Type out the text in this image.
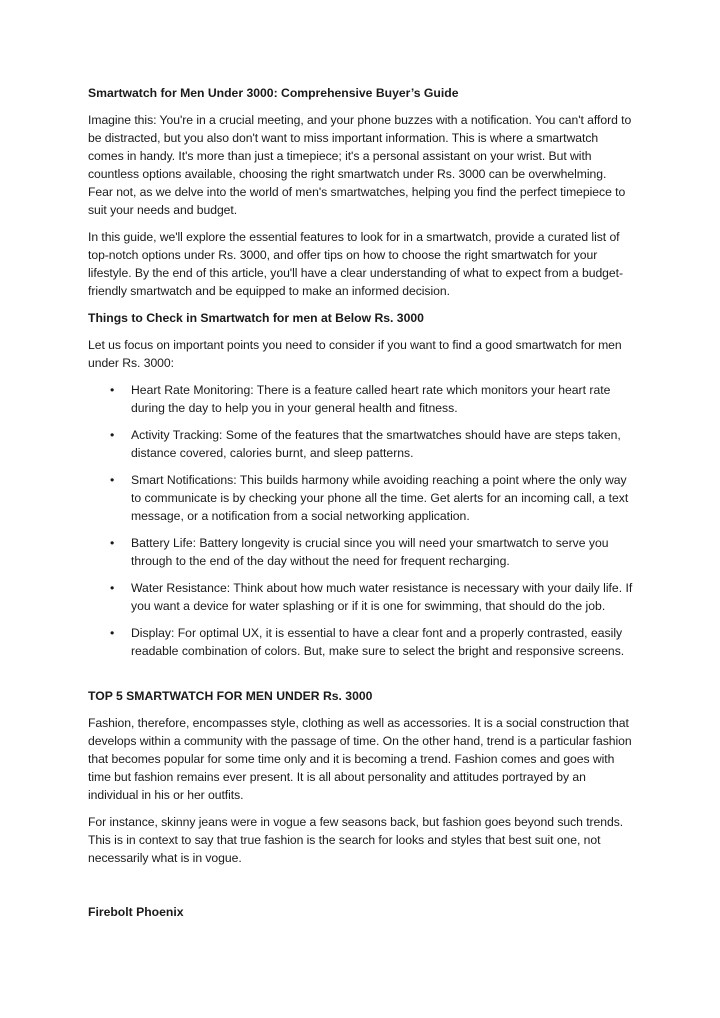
Smartwatch for Men Under 3000: Comprehensive Buyer’s Guide

Imagine this: You're in a crucial meeting, and your phone buzzes with a notification. You can't afford to be distracted, but you also don't want to miss important information. This is where a smartwatch comes in handy. It's more than just a timepiece; it's a personal assistant on your wrist. But with countless options available, choosing the right smartwatch under Rs. 3000 can be overwhelming. Fear not, as we delve into the world of men's smartwatches, helping you find the perfect timepiece to suit your needs and budget.

In this guide, we'll explore the essential features to look for in a smartwatch, provide a curated list of top-notch options under Rs. 3000, and offer tips on how to choose the right smartwatch for your lifestyle. By the end of this article, you'll have a clear understanding of what to expect from a budget-friendly smartwatch and be equipped to make an informed decision.

Things to Check in Smartwatch for men at Below Rs. 3000

Let us focus on important points you need to consider if you want to find a good smartwatch for men under Rs. 3000:

• Heart Rate Monitoring: There is a feature called heart rate which monitors your heart rate during the day to help you in your general health and fitness.
• Activity Tracking: Some of the features that the smartwatches should have are steps taken, distance covered, calories burnt, and sleep patterns.
• Smart Notifications: This builds harmony while avoiding reaching a point where the only way to communicate is by checking your phone all the time. Get alerts for an incoming call, a text message, or a notification from a social networking application.
• Battery Life: Battery longevity is crucial since you will need your smartwatch to serve you through to the end of the day without the need for frequent recharging.
• Water Resistance: Think about how much water resistance is necessary with your daily life. If you want a device for water splashing or if it is one for swimming, that should do the job.
• Display: For optimal UX, it is essential to have a clear font and a properly contrasted, easily readable combination of colors. But, make sure to select the bright and responsive screens.

TOP 5 SMARTWATCH FOR MEN UNDER Rs. 3000

Fashion, therefore, encompasses style, clothing as well as accessories. It is a social construction that develops within a community with the passage of time. On the other hand, trend is a particular fashion that becomes popular for some time only and it is becoming a trend. Fashion comes and goes with time but fashion remains ever present. It is all about personality and attitudes portrayed by an individual in his or her outfits.

For instance, skinny jeans were in vogue a few seasons back, but fashion goes beyond such trends. This is in context to say that true fashion is the search for looks and styles that best suit one, not necessarily what is in vogue.

Firebolt Phoenix
